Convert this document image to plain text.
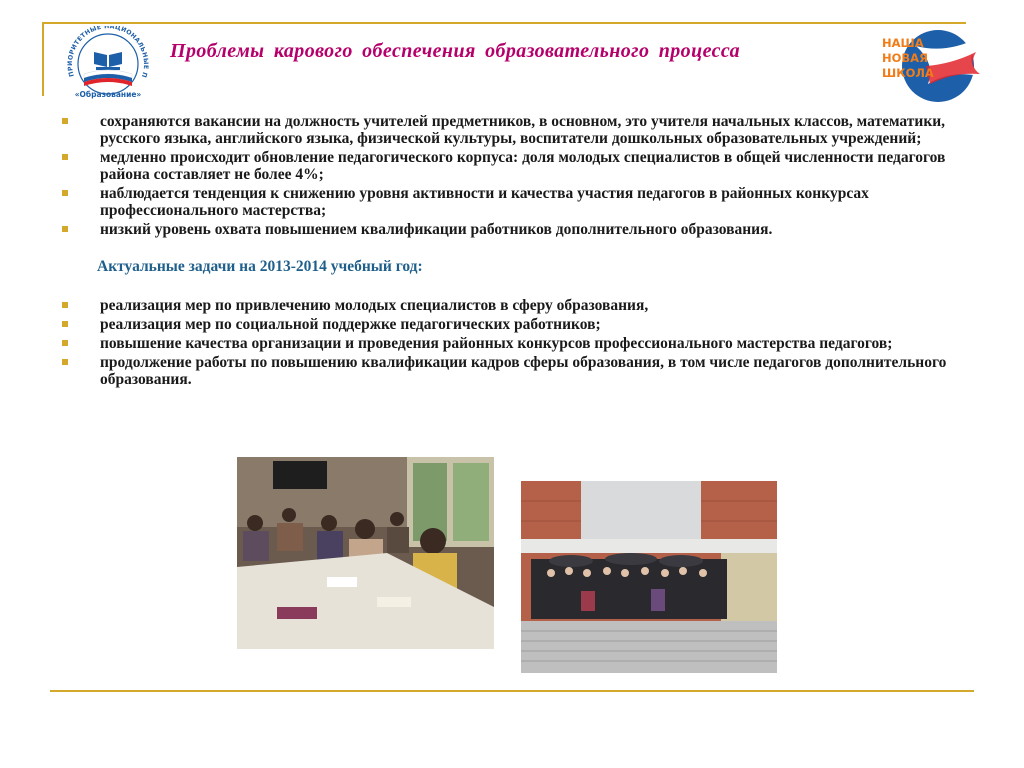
ПРИОРИТЕТНЫЕ НАЦИОНАЛЬНЫЕ П
«Образование»
Проблемы карового обеспечения образовательного процесса	НАША
НОВАЯ
ШКОЛА
сохраняются вакансии на должность учителей предметников, в основном, это учителя начальных классов, математики, русского языка, английского языка, физической культуры, воспитатели дошкольных образовательных учреждений;
медленно происходит обновление педагогического корпуса: доля молодых специалистов в общей численности педагогов района составляет не более 4%;
наблюдается тенденция к снижению уровня активности и качества участия педагогов в районных конкурсах профессионального мастерства;
низкий уровень охвата повышением квалификации работников дополнительного образования.
Актуальные задачи на 2013-2014 учебный год:
реализация мер по привлечению молодых специалистов в сферу образования,
реализация мер по социальной поддержке педагогических работников;
повышение качества организации и проведения районных конкурсов профессионального мастерства педагогов;
продолжение работы по повышению квалификации кадров сферы образования, в том числе педагогов дополнительного образования.
